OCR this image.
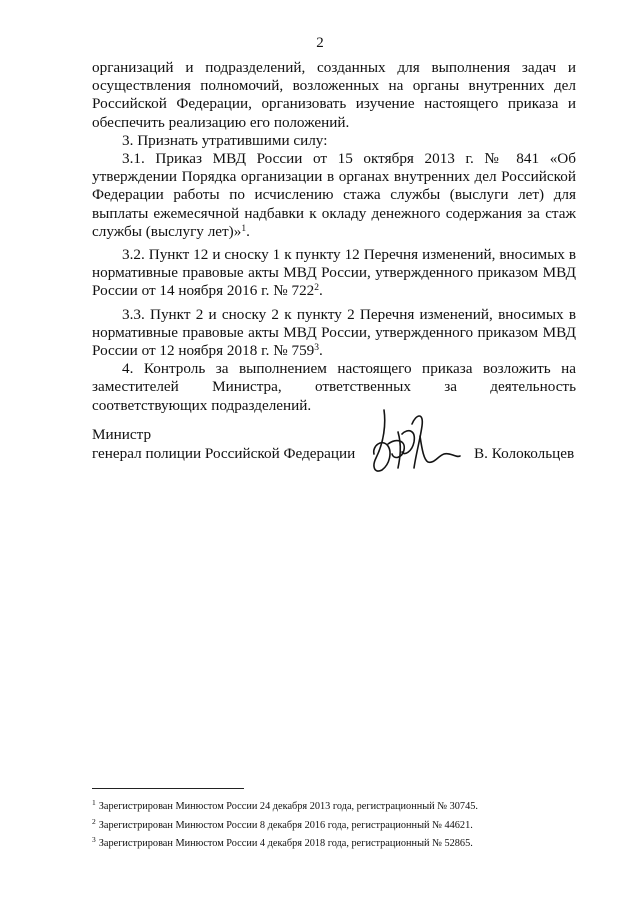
2

организаций и подразделений, созданных для выполнения задач и осуществления полномочий, возложенных на органы внутренних дел Российской Федерации, организовать изучение настоящего приказа и обеспечить реализацию его положений.

3. Признать утратившими силу:

3.1. Приказ МВД России от 15 октября 2013 г. № 841 «Об утверждении Порядка организации в органах внутренних дел Российской Федерации работы по исчислению стажа службы (выслуги лет) для выплаты ежемесячной надбавки к окладу денежного содержания за стаж службы (выслугу лет)»$^1$.

3.2. Пункт 12 и сноску 1 к пункту 12 Перечня изменений, вносимых в нормативные правовые акты МВД России, утвержденного приказом МВД России от 14 ноября 2016 г. № $722^2$.

3.3. Пункт 2 и сноску 2 к пункту 2 Перечня изменений, вносимых в нормативные правовые акты МВД России, утвержденного приказом МВД России от 12 ноября 2018 г. № $759^3$.

4. Контроль за выполнением настоящего приказа возложить на заместителей Министра, ответственных за деятельность соответствующих подразделений.

Министр
генерал полиции Российской Федерации	В. Колокольцев
$^1$ Зарегистрирован Минюстом России 24 декабря 2013 года, регистрационный № 30745.
$^2$ Зарегистрирован Минюстом России 8 декабря 2016 года, регистрационный № 44621.
$^3$ Зарегистрирован Минюстом России 4 декабря 2018 года, регистрационный № 52865.
